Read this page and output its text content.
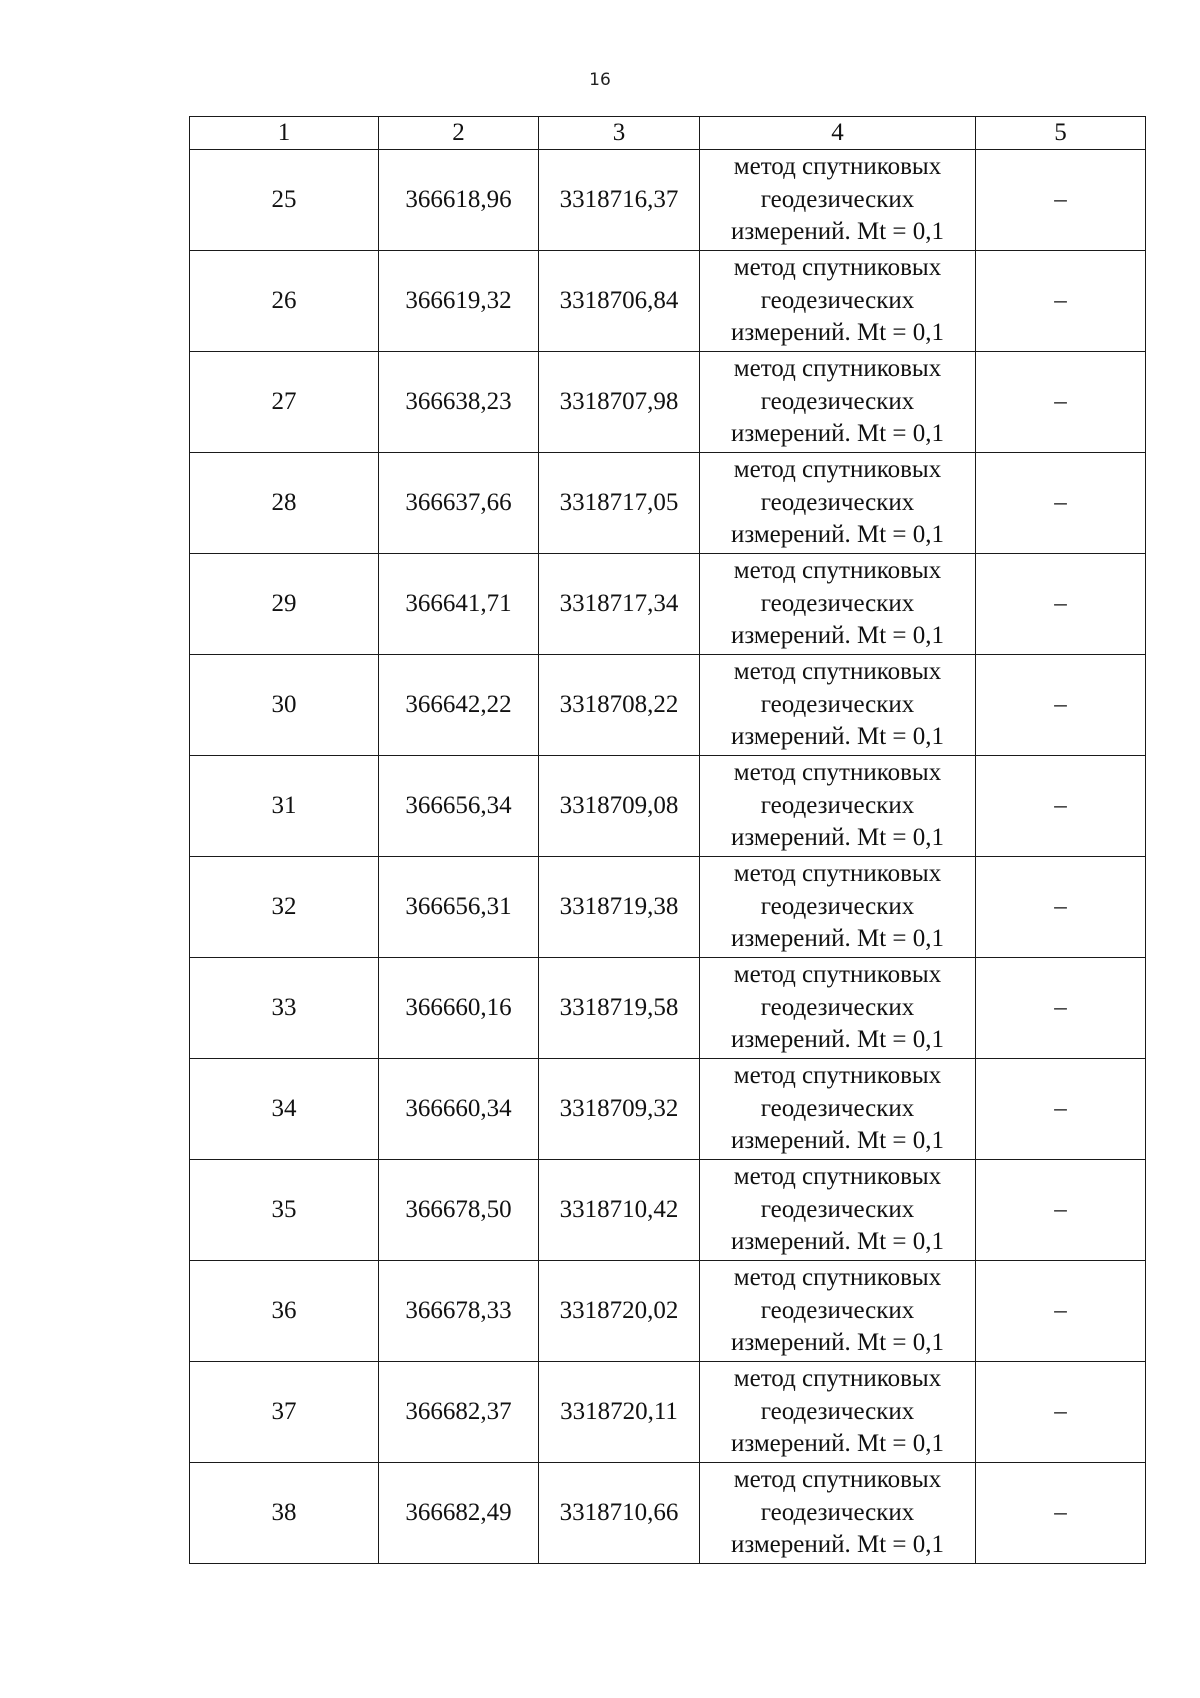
16
1	2	3	4	5
25	366618,96	3318716,37	метод спутниковых
геодезических
измерений. Mt = 0,1	–
26	366619,32	3318706,84	метод спутниковых
геодезических
измерений. Mt = 0,1	–
27	366638,23	3318707,98	метод спутниковых
геодезических
измерений. Mt = 0,1	–
28	366637,66	3318717,05	метод спутниковых
геодезических
измерений. Mt = 0,1	–
29	366641,71	3318717,34	метод спутниковых
геодезических
измерений. Mt = 0,1	–
30	366642,22	3318708,22	метод спутниковых
геодезических
измерений. Mt = 0,1	–
31	366656,34	3318709,08	метод спутниковых
геодезических
измерений. Mt = 0,1	–
32	366656,31	3318719,38	метод спутниковых
геодезических
измерений. Mt = 0,1	–
33	366660,16	3318719,58	метод спутниковых
геодезических
измерений. Mt = 0,1	–
34	366660,34	3318709,32	метод спутниковых
геодезических
измерений. Mt = 0,1	–
35	366678,50	3318710,42	метод спутниковых
геодезических
измерений. Mt = 0,1	–
36	366678,33	3318720,02	метод спутниковых
геодезических
измерений. Mt = 0,1	–
37	366682,37	3318720,11	метод спутниковых
геодезических
измерений. Mt = 0,1	–
38	366682,49	3318710,66	метод спутниковых
геодезических
измерений. Mt = 0,1	–
